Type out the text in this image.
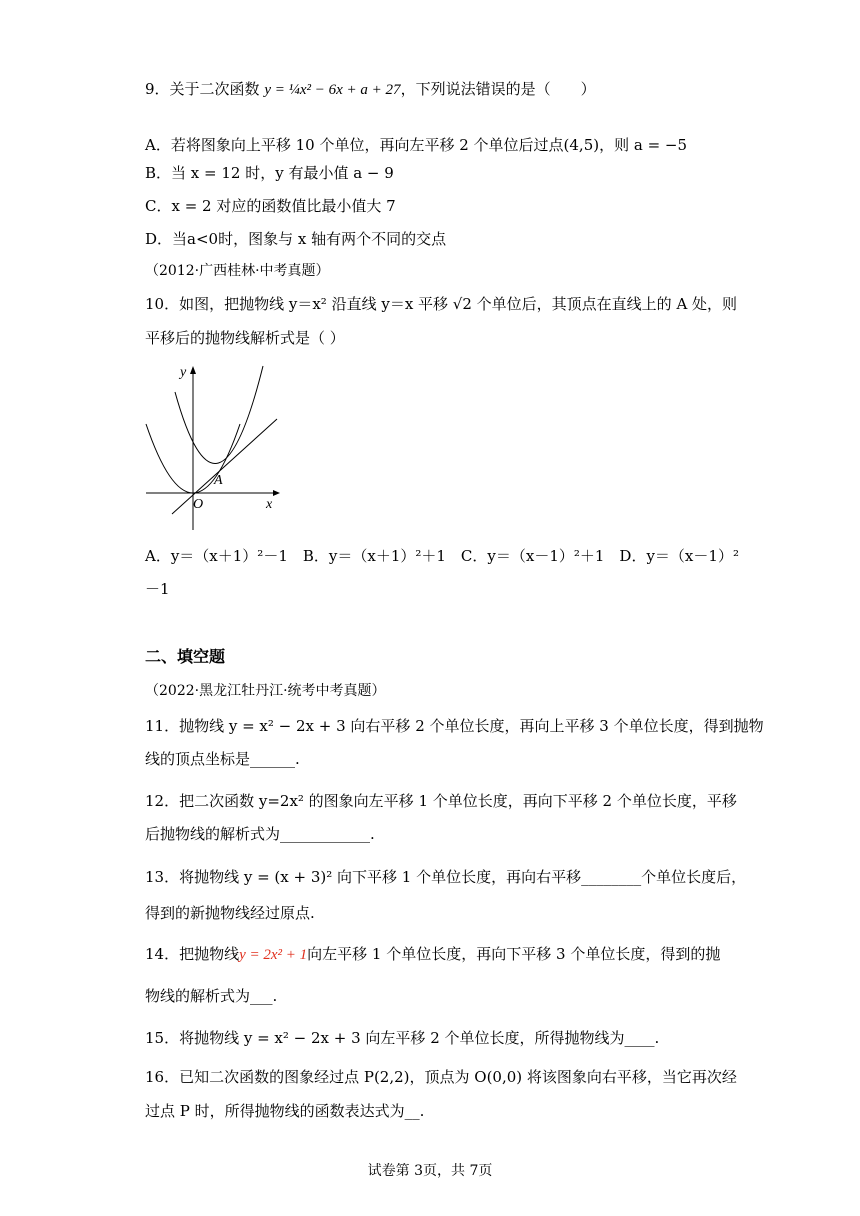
9．关于二次函数 y = ¼x² − 6x + a + 27，下列说法错误的是（　　）
A．若将图象向上平移 10 个单位，再向左平移 2 个单位后过点(4,5)，则 a = −5
B．当 x = 12 时，y 有最小值 a − 9
C．x = 2 对应的函数值比最小值大 7
D．当a<0时，图象与 x 轴有两个不同的交点
（2012·广西桂林·中考真题）
10．如图，把抛物线 y＝x² 沿直线 y＝x 平移 √2 个单位后，其顶点在直线上的 A 处，则
平移后的抛物线解析式是（ ）
y
x
O
A
A．y＝（x＋1）²－1　B．y＝（x＋1）²＋1　C．y＝（x－1）²＋1　D．y＝（x－1）²
－1
二、填空题
（2022·黑龙江牡丹江·统考中考真题）
11．抛物线 y = x² − 2x + 3 向右平移 2 个单位长度，再向上平移 3 个单位长度，得到抛物
线的顶点坐标是______.
12．把二次函数 y=2x² 的图象向左平移 1 个单位长度，再向下平移 2 个单位长度，平移
后抛物线的解析式为____________.
13．将抛物线 y = (x + 3)² 向下平移 1 个单位长度，再向右平移________个单位长度后，
得到的新抛物线经过原点.
14．把抛物线y = 2x² + 1向左平移 1 个单位长度，再向下平移 3 个单位长度，得到的抛
物线的解析式为___.
15．将抛物线 y = x² − 2x + 3 向左平移 2 个单位长度，所得抛物线为____.
16．已知二次函数的图象经过点 P(2,2)，顶点为 O(0,0) 将该图象向右平移，当它再次经
过点 P 时，所得抛物线的函数表达式为__.
试卷第 3页，共 7页
